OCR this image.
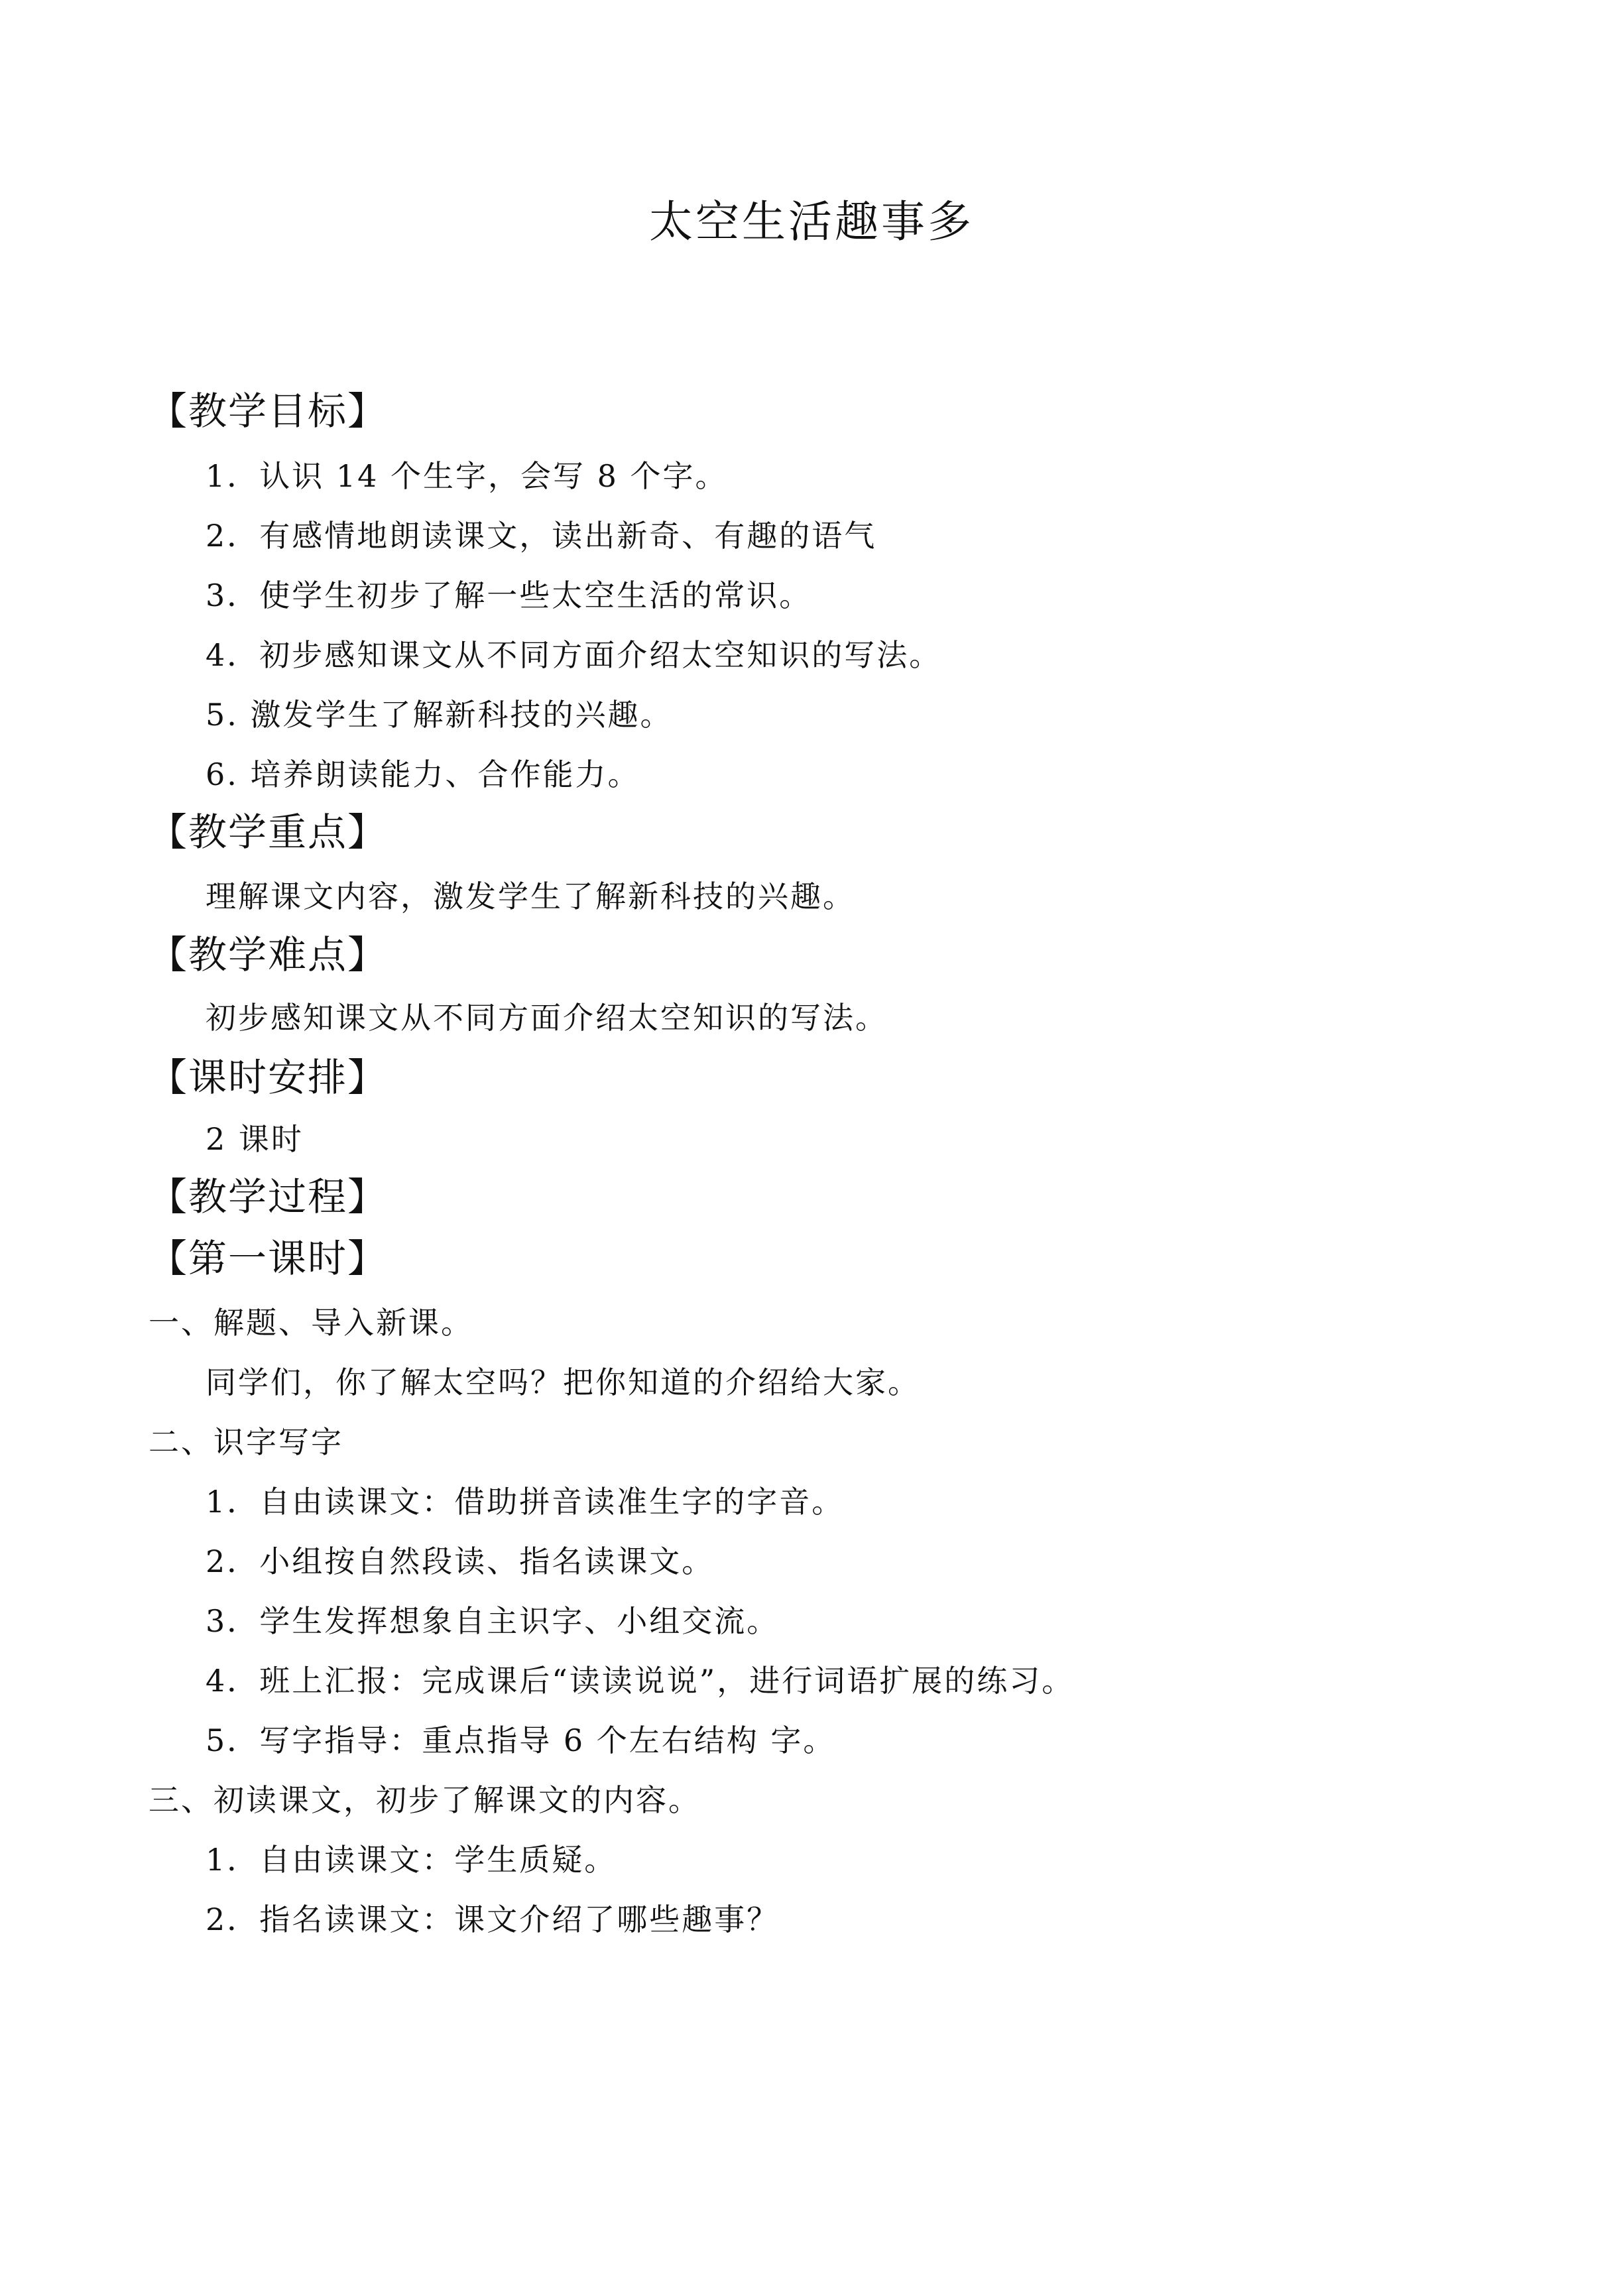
太空生活趣事多
【教学目标】
1．认识 14 个生字，会写 8 个字。
2．有感情地朗读课文，读出新奇、有趣的语气
3．使学生初步了解一些太空生活的常识。
4．初步感知课文从不同方面介绍太空知识的写法。
5. 激发学生了解新科技的兴趣。
6. 培养朗读能力、合作能力。
【教学重点】
理解课文内容，激发学生了解新科技的兴趣。
【教学难点】
初步感知课文从不同方面介绍太空知识的写法。
【课时安排】
2 课时
【教学过程】
【第一课时】
一、解题、导入新课。
同学们，你了解太空吗？把你知道的介绍给大家。
二、识字写字
1．自由读课文：借助拼音读准生字的字音。
2．小组按自然段读、指名读课文。
3．学生发挥想象自主识字、小组交流。
4．班上汇报：完成课后“读读说说”，进行词语扩展的练习。
5．写字指导：重点指导 6 个左右结构 字。
三、初读课文，初步了解课文的内容。
1．自由读课文：学生质疑。
2．指名读课文：课文介绍了哪些趣事？
